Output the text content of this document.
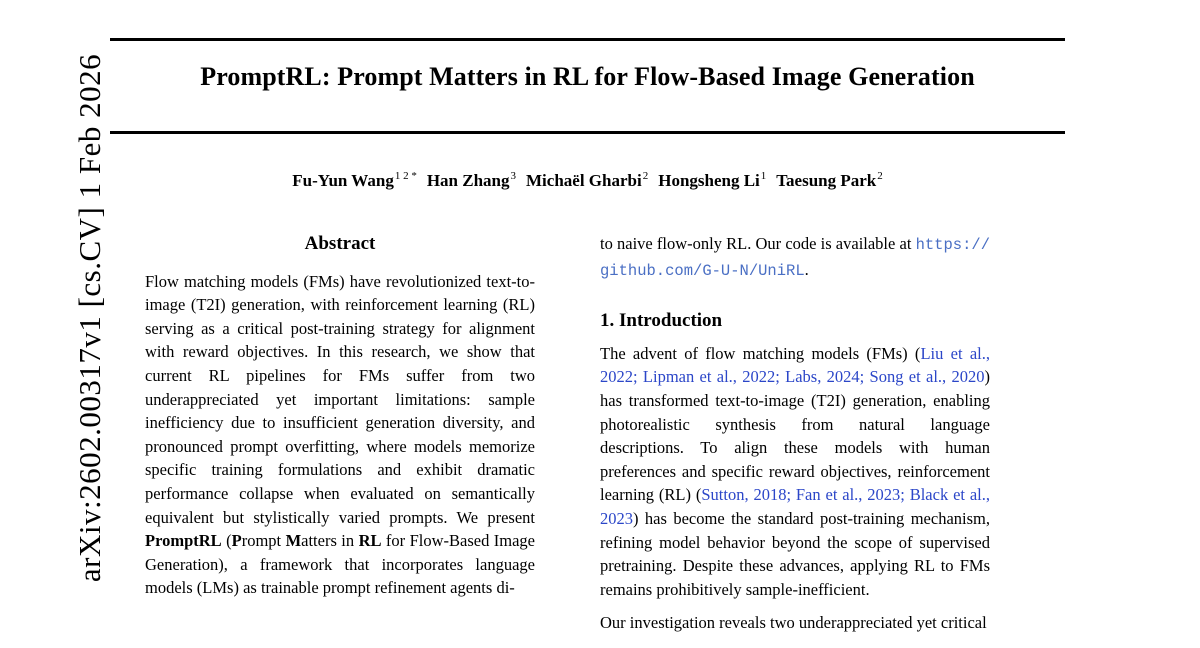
arXiv:2602.00317v1 [cs.CV] 1 Feb 2026	PromptRL: Prompt Matters in RL for Flow-Based Image Generation
Fu-Yun Wang$^{1 2 *}$ Han Zhang$^3$ Michaël Gharbi$^2$ Hongsheng Li$^1$ Taesung Park$^2$
Abstract

Flow matching models (FMs) have revolutionized text-to-image (T2I) generation, with reinforcement learning (RL) serving as a critical post-training strategy for alignment with reward objectives. In this research, we show that current RL pipelines for FMs suffer from two underappreciated yet important limitations: sample inefficiency due to insufficient generation diversity, and pronounced prompt overfitting, where models memorize specific training formulations and exhibit dramatic performance collapse when evaluated on semantically equivalent but stylistically varied prompts. We present PromptRL (Prompt Matters in RL for Flow-Based Image Generation), a framework that incorporates language models (LMs) as trainable prompt refinement agents di-

to naive flow-only RL. Our code is available at https://github.com/G-U-N/UniRL.

1. Introduction

The advent of flow matching models (FMs) (Liu et al., 2022; Lipman et al., 2022; Labs, 2024; Song et al., 2020) has transformed text-to-image (T2I) generation, enabling photorealistic synthesis from natural language descriptions. To align these models with human preferences and specific reward objectives, reinforcement learning (RL) (Sutton, 2018; Fan et al., 2023; Black et al., 2023) has become the standard post-training mechanism, refining model behavior beyond the scope of supervised pretraining. Despite these advances, applying RL to FMs remains prohibitively sample-inefficient.

Our investigation reveals two underappreciated yet critical
